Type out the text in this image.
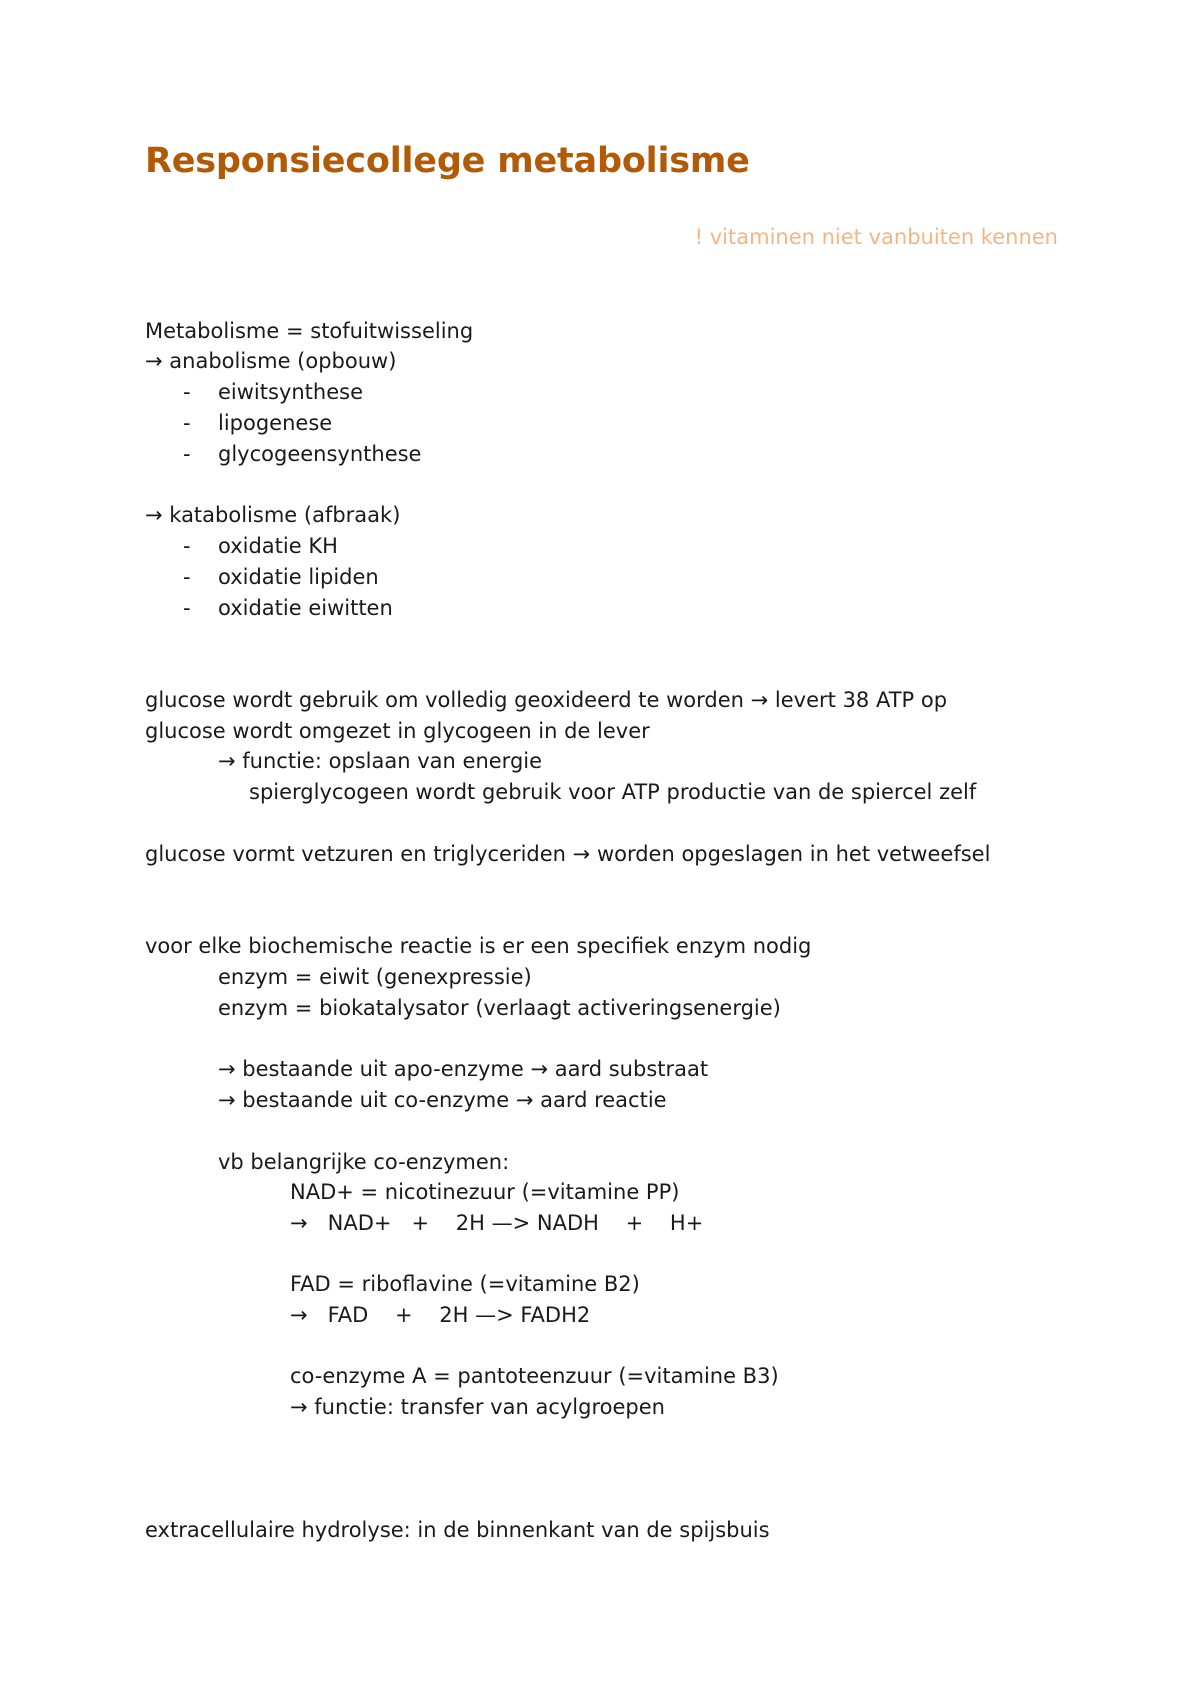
Responsiecollege metabolisme
! vitaminen niet vanbuiten kennen
Metabolisme = stofuitwisseling
→ anabolisme (opbouw)
- eiwitsynthese
- lipogenese
- glycogeensynthese
→ katabolisme (afbraak)
- oxidatie KH
- oxidatie lipiden
- oxidatie eiwitten
glucose wordt gebruik om volledig geoxideerd te worden → levert 38 ATP op
glucose wordt omgezet in glycogeen in de lever
→ functie: opslaan van energie
spierglycogeen wordt gebruik voor ATP productie van de spiercel zelf
glucose vormt vetzuren en triglyceriden → worden opgeslagen in het vetweefsel
voor elke biochemische reactie is er een specifiek enzym nodig
enzym = eiwit (genexpressie)
enzym = biokatalysator (verlaagt activeringsenergie)
→ bestaande uit apo-enzyme → aard substraat
→ bestaande uit co-enzyme → aard reactie
vb belangrijke co-enzymen:
NAD+ = nicotinezuur (=vitamine PP)
→   NAD+   +    2H —> NADH    +    H+
FAD = riboflavine (=vitamine B2)
→   FAD    +    2H —> FADH2
co-enzyme A = pantoteenzuur (=vitamine B3)
→ functie: transfer van acylgroepen
extracellulaire hydrolyse: in de binnenkant van de spijsbuis
